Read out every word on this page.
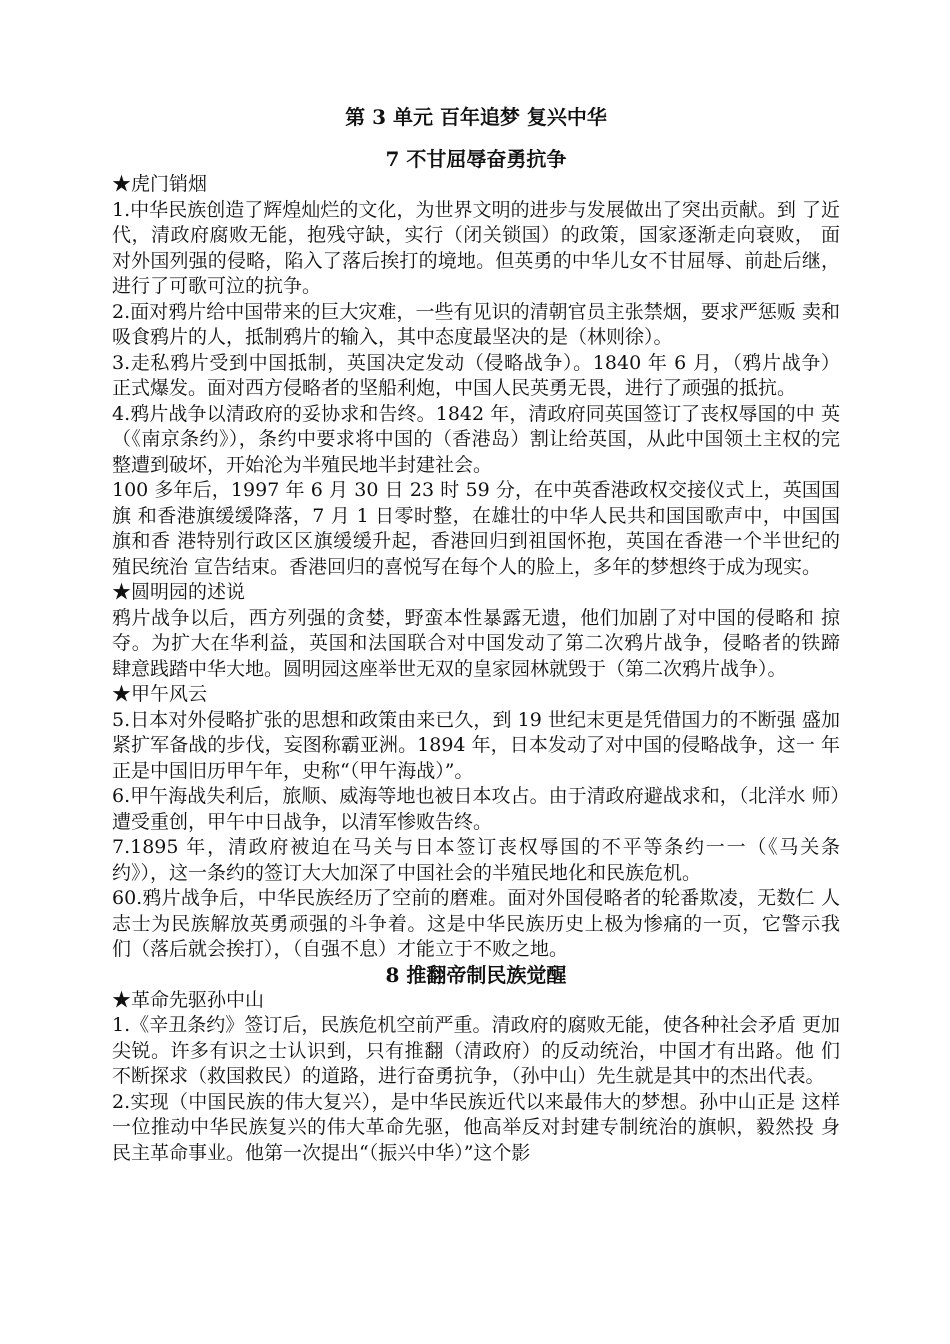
第 3 单元 百年追梦 复兴中华
7 不甘屈辱奋勇抗争
★虎门销烟

1.中华民族创造了辉煌灿烂的文化，为世界文明的进步与发展做出了突出贡献。到 了近代，清政府腐败无能，抱残守缺，实行（闭关锁国）的政策，国家逐渐走向衰败， 面对外国列强的侵略，陷入了落后挨打的境地。但英勇的中华儿女不甘屈辱、前赴后继， 进行了可歌可泣的抗争。

2.面对鸦片给中国带来的巨大灾难，一些有见识的清朝官员主张禁烟，要求严惩贩 卖和吸食鸦片的人，抵制鸦片的输入，其中态度最坚决的是（林则徐）。

3.走私鸦片受到中国抵制，英国决定发动（侵略战争）。1840 年 6 月，（鸦片战争） 正式爆发。面对西方侵略者的坚船利炮，中国人民英勇无畏，进行了顽强的抵抗。

4.鸦片战争以清政府的妥协求和告终。1842 年，清政府同英国签订了丧权辱国的中 英（《南京条约》），条约中要求将中国的（香港岛）割让给英国，从此中国领土主权的完 整遭到破坏，开始沦为半殖民地半封建社会。

100 多年后，1997 年 6 月 30 日 23 时 59 分，在中英香港政权交接仪式上，英国国旗 和香港旗缓缓降落，7 月 1 日零时整，在雄壮的中华人民共和国国歌声中，中国国旗和香 港特别行政区区旗缓缓升起，香港回归到祖国怀抱，英国在香港一个半世纪的殖民统治 宣告结束。香港回归的喜悦写在每个人的脸上，多年的梦想终于成为现实。

★圆明园的述说

鸦片战争以后，西方列强的贪婪，野蛮本性暴露无遗，他们加剧了对中国的侵略和 掠夺。为扩大在华利益，英国和法国联合对中国发动了第二次鸦片战争，侵略者的铁蹄 肆意践踏中华大地。圆明园这座举世无双的皇家园林就毁于（第二次鸦片战争）。

★甲午风云

5.日本对外侵略扩张的思想和政策由来已久，到 19 世纪末更是凭借国力的不断强 盛加紧扩军备战的步伐，妄图称霸亚洲。1894 年，日本发动了对中国的侵略战争，这一 年正是中国旧历甲午年，史称“（甲午海战）”。

6.甲午海战失利后，旅顺、威海等地也被日本攻占。由于清政府避战求和，（北洋水 师）遭受重创，甲午中日战争，以清军惨败告终。

7.1895 年，清政府被迫在马关与日本签订丧权辱国的不平等条约一一（《马关条约》），这一条约的签订大大加深了中国社会的半殖民地化和民族危机。

60.鸦片战争后，中华民族经历了空前的磨难。面对外国侵略者的轮番欺凌，无数仁 人志士为民族解放英勇顽强的斗争着。这是中华民族历史上极为惨痛的一页，它警示我 们（落后就会挨打），（自强不息）才能立于不败之地。

8 推翻帝制民族觉醒
★革命先驱孙中山

1.《辛丑条约》签订后，民族危机空前严重。清政府的腐败无能，使各种社会矛盾 更加尖锐。许多有识之士认识到，只有推翻（清政府）的反动统治，中国才有出路。他 们不断探求（救国救民）的道路，进行奋勇抗争，（孙中山）先生就是其中的杰出代表。

2.实现（中国民族的伟大复兴），是中华民族近代以来最伟大的梦想。孙中山正是 这样一位推动中华民族复兴的伟大革命先驱，他高举反对封建专制统治的旗帜，毅然投 身民主革命事业。他第一次提出“（振兴中华）”这个影
